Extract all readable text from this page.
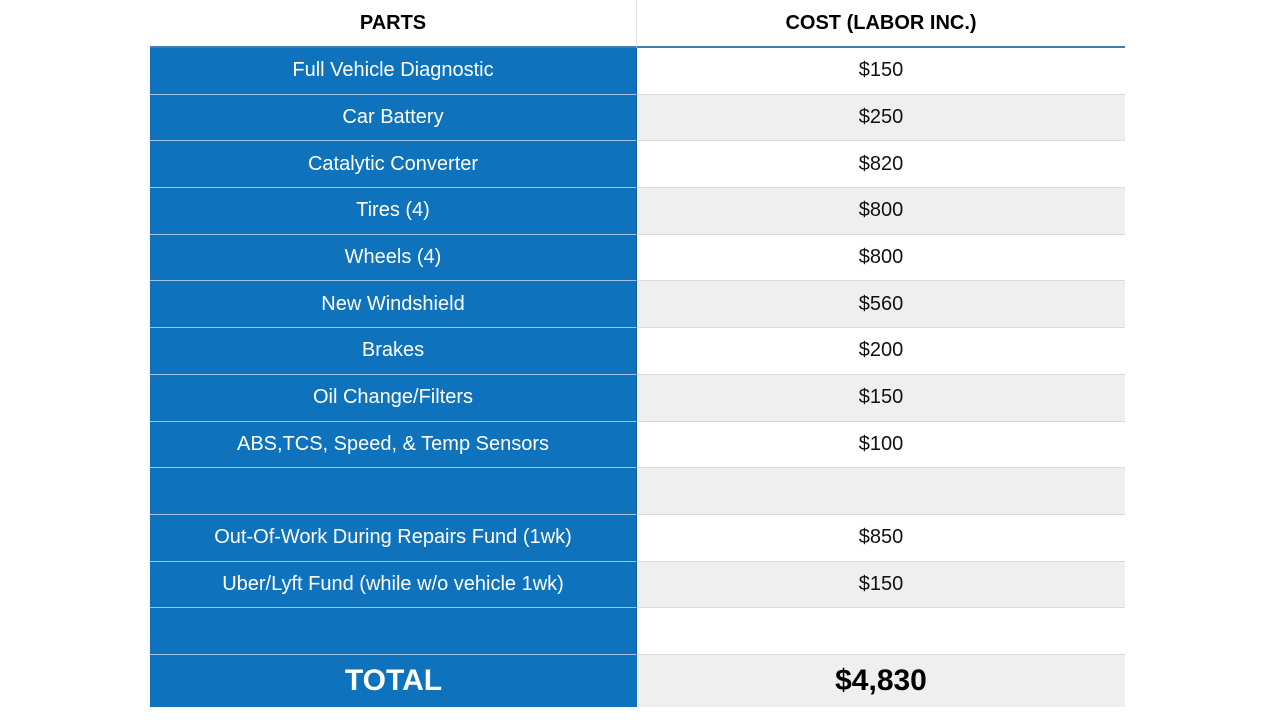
PARTS	COST (LABOR INC.)
Full Vehicle Diagnostic	$150
Car Battery	$250
Catalytic Converter	$820
Tires (4)	$800
Wheels (4)	$800
New Windshield	$560
Brakes	$200
Oil Change/Filters	$150
ABS,TCS, Speed, & Temp Sensors	$100
Out-Of-Work During Repairs Fund (1wk)	$850
Uber/Lyft Fund (while w/o vehicle 1wk)	$150
TOTAL	$4,830
